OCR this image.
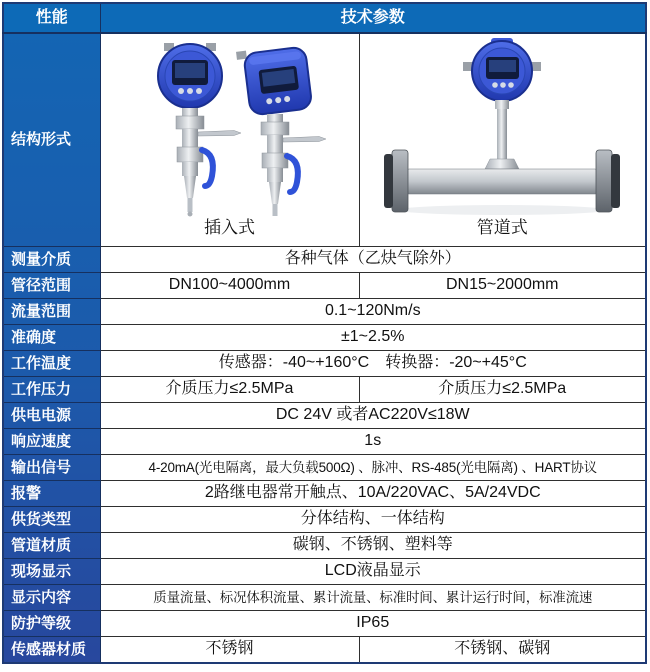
性能	技术参数	
结构形式	插入式	管道式

测量介质	各种气体（乙炔气除外）	
管径范围	DN100~4000mm	DN15~2000mm
流量范围	0.1~120Nm/s	
准确度	±1~2.5%	
工作温度	传感器：-40~+160°C　转换器：-20~+45°C	
工作压力	介质压力≤2.5MPa	介质压力≤2.5MPa
供电电源	DC 24V 或者AC220V≤18W	
响应速度	1s	
输出信号	4-20mA(光电隔离，最大负载500Ω) 、脉冲、RS-485(光电隔离) 、HART协议	
报警	2路继电器常开触点、10A/220VAC、5A/24VDC	
供货类型	分体结构、一体结构	
管道材质	碳钢、不锈钢、塑料等	
现场显示	LCD液晶显示	
显示内容	质量流量、标况体积流量、累计流量、标准时间、累计运行时间，标准流速	
防护等级	IP65	
传感器材质	不锈钢	不锈钢、碳钢
